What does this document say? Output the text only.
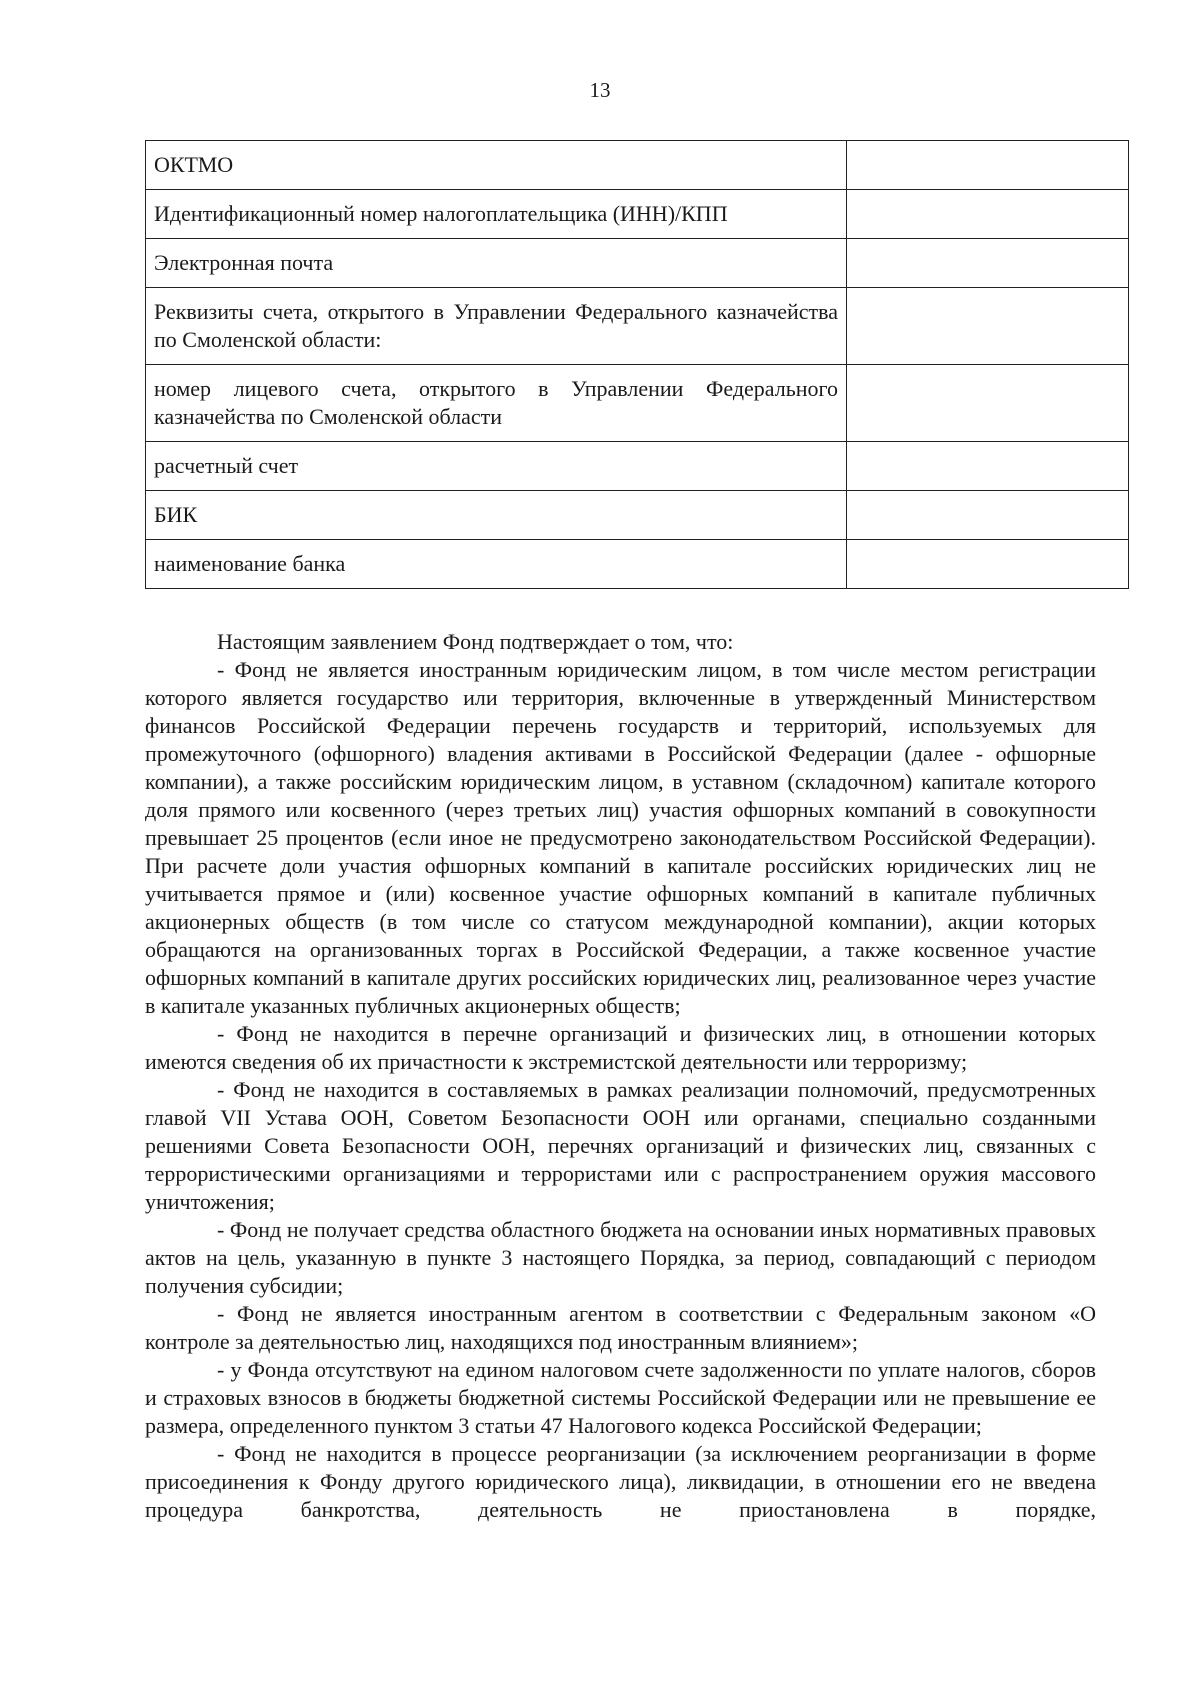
13
ОКТМО	
Идентификационный номер налогоплательщика (ИНН)/КПП	
Электронная почта	
Реквизиты счета, открытого в Управлении Федерального казначейства по Смоленской области:	
номер лицевого счета, открытого в Управлении Федерального казначейства по Смоленской области	
расчетный счет	
БИК	
наименование банка	

Настоящим заявлением Фонд подтверждает о том, что:

- Фонд не является иностранным юридическим лицом, в том числе местом регистрации которого является государство или территория, включенные в утвержденный Министерством финансов Российской Федерации перечень государств и территорий, используемых для промежуточного (офшорного) владения активами в Российской Федерации (далее - офшорные компании), а также российским юридическим лицом, в уставном (складочном) капитале которого доля прямого или косвенного (через третьих лиц) участия офшорных компаний в совокупности превышает 25 процентов (если иное не предусмотрено законодательством Российской Федерации). При расчете доли участия офшорных компаний в капитале российских юридических лиц не учитывается прямое и (или) косвенное участие офшорных компаний в капитале публичных акционерных обществ (в том числе со статусом международной компании), акции которых обращаются на организованных торгах в Российской Федерации, а также косвенное участие офшорных компаний в капитале других российских юридических лиц, реализованное через участие в капитале указанных публичных акционерных обществ;

- Фонд не находится в перечне организаций и физических лиц, в отношении которых имеются сведения об их причастности к экстремистской деятельности или терроризму;

- Фонд не находится в составляемых в рамках реализации полномочий, предусмотренных главой VII Устава ООН, Советом Безопасности ООН или органами, специально созданными решениями Совета Безопасности ООН, перечнях организаций и физических лиц, связанных с террористическими организациями и террористами или с распространением оружия массового уничтожения;

- Фонд не получает средства областного бюджета на основании иных нормативных правовых актов на цель, указанную в пункте 3 настоящего Порядка, за период, совпадающий с периодом получения субсидии;

- Фонд не является иностранным агентом в соответствии с Федеральным законом «О контроле за деятельностью лиц, находящихся под иностранным влиянием»;

- у Фонда отсутствуют на едином налоговом счете задолженности по уплате налогов, сборов и страховых взносов в бюджеты бюджетной системы Российской Федерации или не превышение ее размера, определенного пунктом 3 статьи 47 Налогового кодекса Российской Федерации;

- Фонд не находится в процессе реорганизации (за исключением реорганизации в форме присоединения к Фонду другого юридического лица), ликвидации, в отношении его не введена процедура банкротства, деятельность не приостановлена в порядке,
